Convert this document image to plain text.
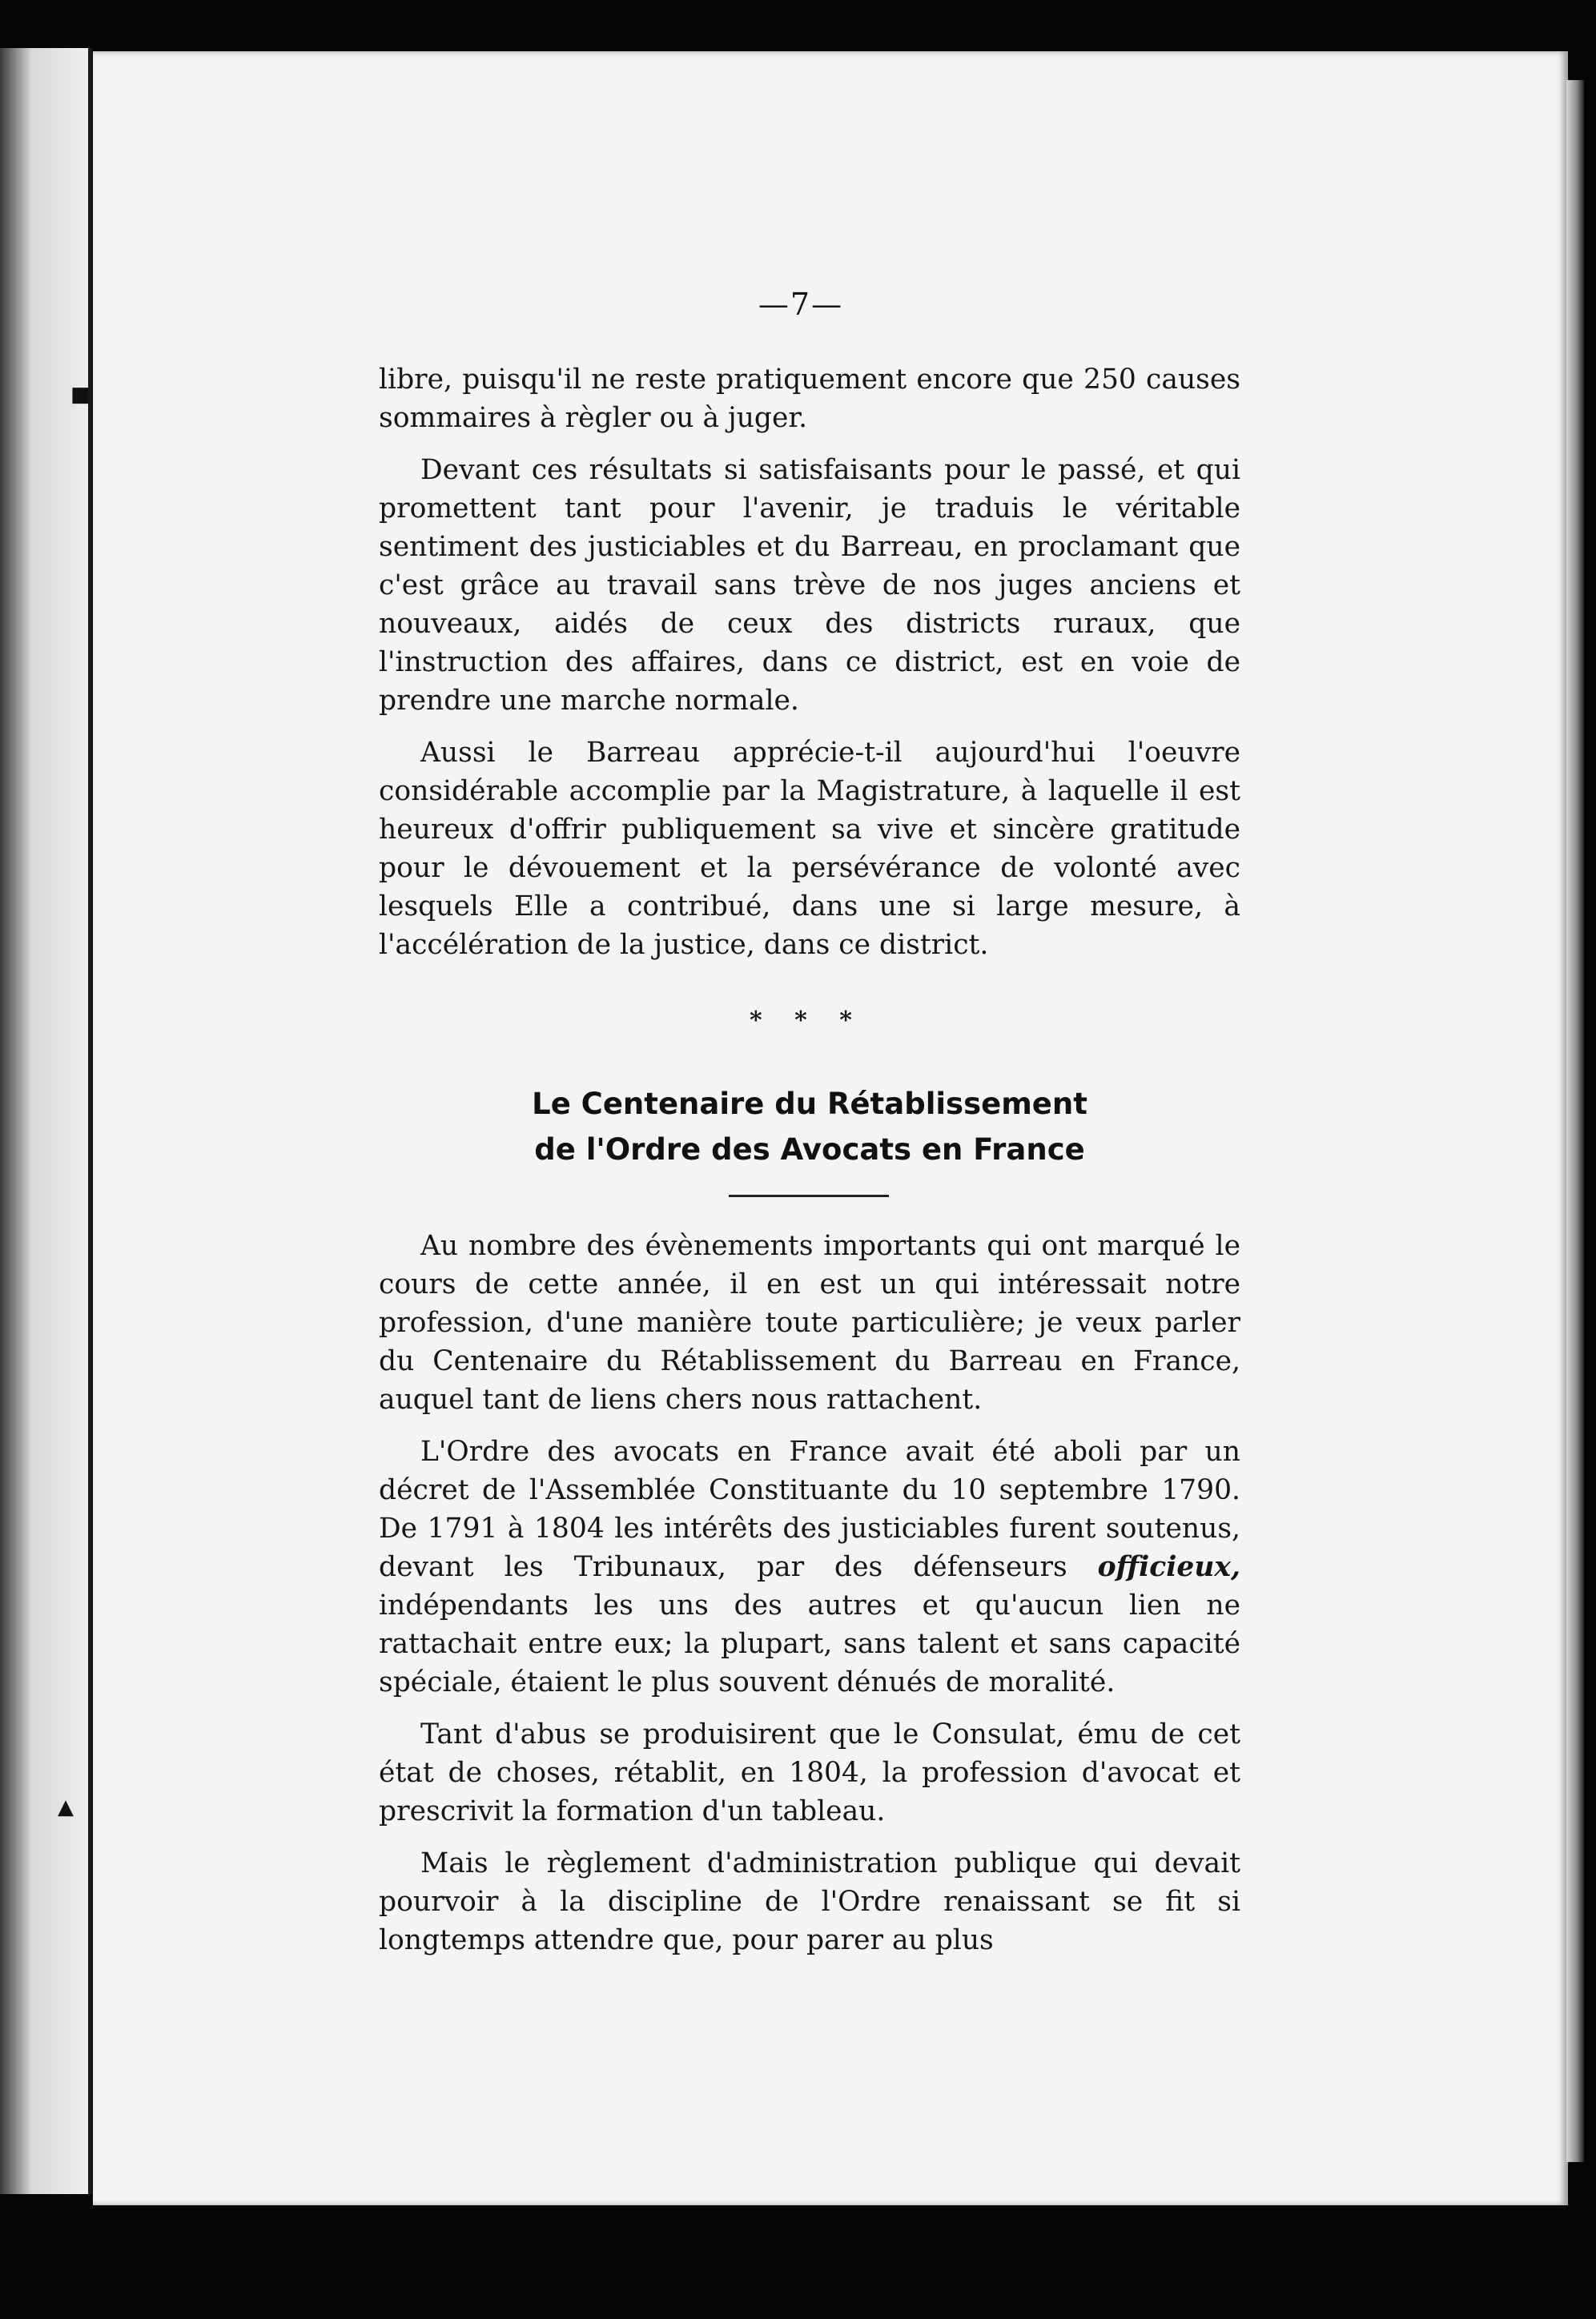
■
▲
—7—

libre, puisqu'il ne reste pratiquement encore que 250 causes sommaires à règler ou à juger.

Devant ces résultats si satisfaisants pour le passé, et qui promettent tant pour l'avenir, je traduis le véritable sentiment des justiciables et du Barreau, en proclamant que c'est grâce au travail sans trève de nos juges anciens et nouveaux, aidés de ceux des districts ruraux, que l'instruction des affaires, dans ce district, est en voie de prendre une marche normale.

Aussi le Barreau apprécie-t-il aujourd'hui l'oeuvre considérable accomplie par la Magistrature, à laquelle il est heureux d'offrir publiquement sa vive et sincère gratitude pour le dévouement et la persévérance de volonté avec lesquels Elle a contribué, dans une si large mesure, à l'accélération de la justice, dans ce district.

* * *
Le Centenaire du Rétablissement
de l'Ordre des Avocats en France

Au nombre des évènements importants qui ont marqué le cours de cette année, il en est un qui intéressait notre profession, d'une manière toute particulière; je veux parler du Centenaire du Rétablissement du Barreau en France, auquel tant de liens chers nous rattachent.

L'Ordre des avocats en France avait été aboli par un décret de l'Assemblée Constituante du 10 septembre 1790. De 1791 à 1804 les intérêts des justiciables furent soutenus, devant les Tribunaux, par des défenseurs officieux, indépendants les uns des autres et qu'aucun lien ne rattachait entre eux; la plupart, sans talent et sans capacité spéciale, étaient le plus souvent dénués de moralité.

Tant d'abus se produisirent que le Consulat, ému de cet état de choses, rétablit, en 1804, la profession d'avocat et prescrivit la formation d'un tableau.

Mais le règlement d'administration publique qui devait pourvoir à la discipline de l'Ordre renaissant se fit si longtemps attendre que, pour parer au plus
